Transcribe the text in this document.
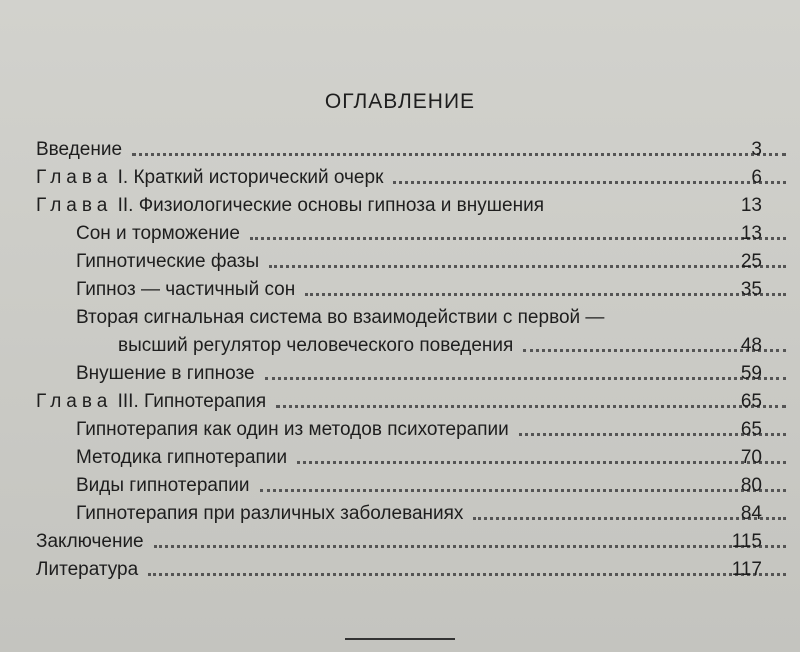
ОГЛАВЛЕНИЕ
Введение	3
Глава I. Краткий исторический очерк	6
Глава II. Физиологические основы гипноза и внушения	13
Сон и торможение	13
Гипнотические фазы	25
Гипноз — частичный сон	35
Вторая сигнальная система во взаимодействии с первой —
высший регулятор человеческого поведения	48
Внушение в гипнозе	59
Глава III. Гипнотерапия	65
Гипнотерапия как один из методов психотерапии	65
Методика гипнотерапии	70
Виды гипнотерапии	80
Гипнотерапия при различных заболеваниях	84
Заключение	115
Литература	117
